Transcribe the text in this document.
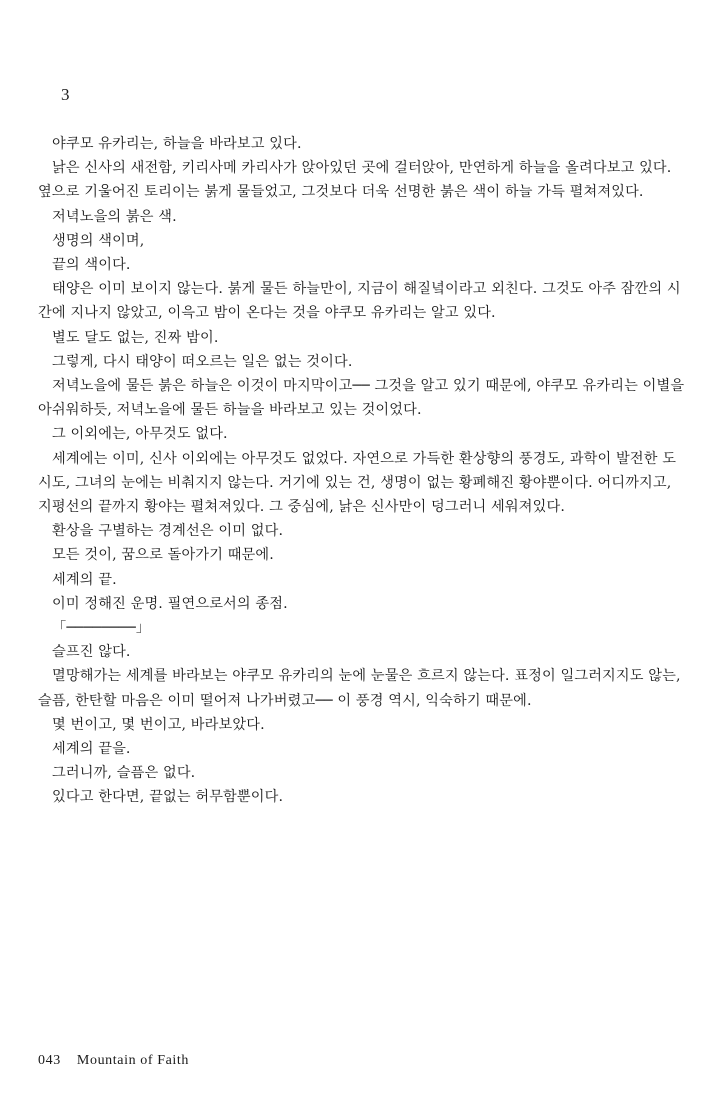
3

야쿠모 유카리는, 하늘을 바라보고 있다.

낡은 신사의 새전함, 키리사메 카리사가 앉아있던 곳에 걸터앉아, 만연하게 하늘을 올려다보고 있다. 옆으로 기울어진 토리이는 붉게 물들었고, 그것보다 더욱 선명한 붉은 색이 하늘 가득 펼쳐져있다.

저녁노을의 붉은 색.

생명의 색이며,

끝의 색이다.

태양은 이미 보이지 않는다. 붉게 물든 하늘만이, 지금이 해질녘이라고 외친다. 그것도 아주 잠깐의 시간에 지나지 않았고, 이윽고 밤이 온다는 것을 야쿠모 유카리는 알고 있다.

별도 달도 없는, 진짜 밤이.

그렇게, 다시 태양이 떠오르는 일은 없는 것이다.

저녁노을에 물든 붉은 하늘은 이것이 마지막이고── 그것을 알고 있기 때문에, 야쿠모 유카리는 이별을 아쉬워하듯, 저녁노을에 물든 하늘을 바라보고 있는 것이었다.

그 이외에는, 아무것도 없다.

세계에는 이미, 신사 이외에는 아무것도 없었다. 자연으로 가득한 환상향의 풍경도, 과학이 발전한 도시도, 그녀의 눈에는 비춰지지 않는다. 거기에 있는 건, 생명이 없는 황폐해진 황야뿐이다. 어디까지고, 지평선의 끝까지 황야는 펼쳐져있다. 그 중심에, 낡은 신사만이 덩그러니 세워져있다.

환상을 구별하는 경계선은 이미 없다.

모든 것이, 꿈으로 돌아가기 때문에.

세계의 끝.

이미 정해진 운명. 필연으로서의 종점.

「────────」

슬프진 않다.

멸망해가는 세계를 바라보는 야쿠모 유카리의 눈에 눈물은 흐르지 않는다. 표정이 일그러지지도 않는, 슬픔, 한탄할 마음은 이미 떨어져 나가버렸고── 이 풍경 역시, 익숙하기 때문에.

몇 번이고, 몇 번이고, 바라보았다.

세계의 끝을.

그러니까, 슬픔은 없다.

있다고 한다면, 끝없는 허무함뿐이다.

043 Mountain of Faith
